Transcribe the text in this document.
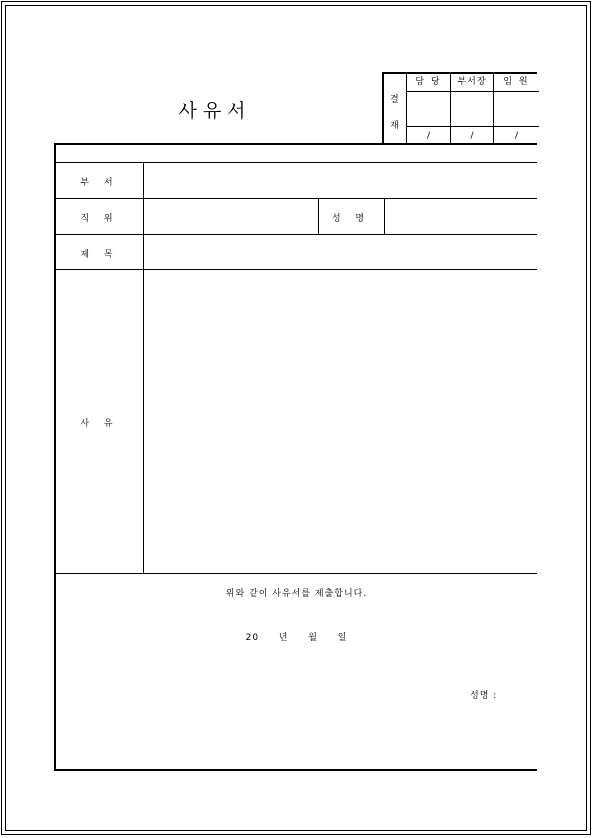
사유서	결
재
담 당
/
부서장
/
임 원
/
부 서
직 위	성 명
제 목
사 유
위와 같이 사유서를 제출합니다.
20 년 월 일
성명 :
